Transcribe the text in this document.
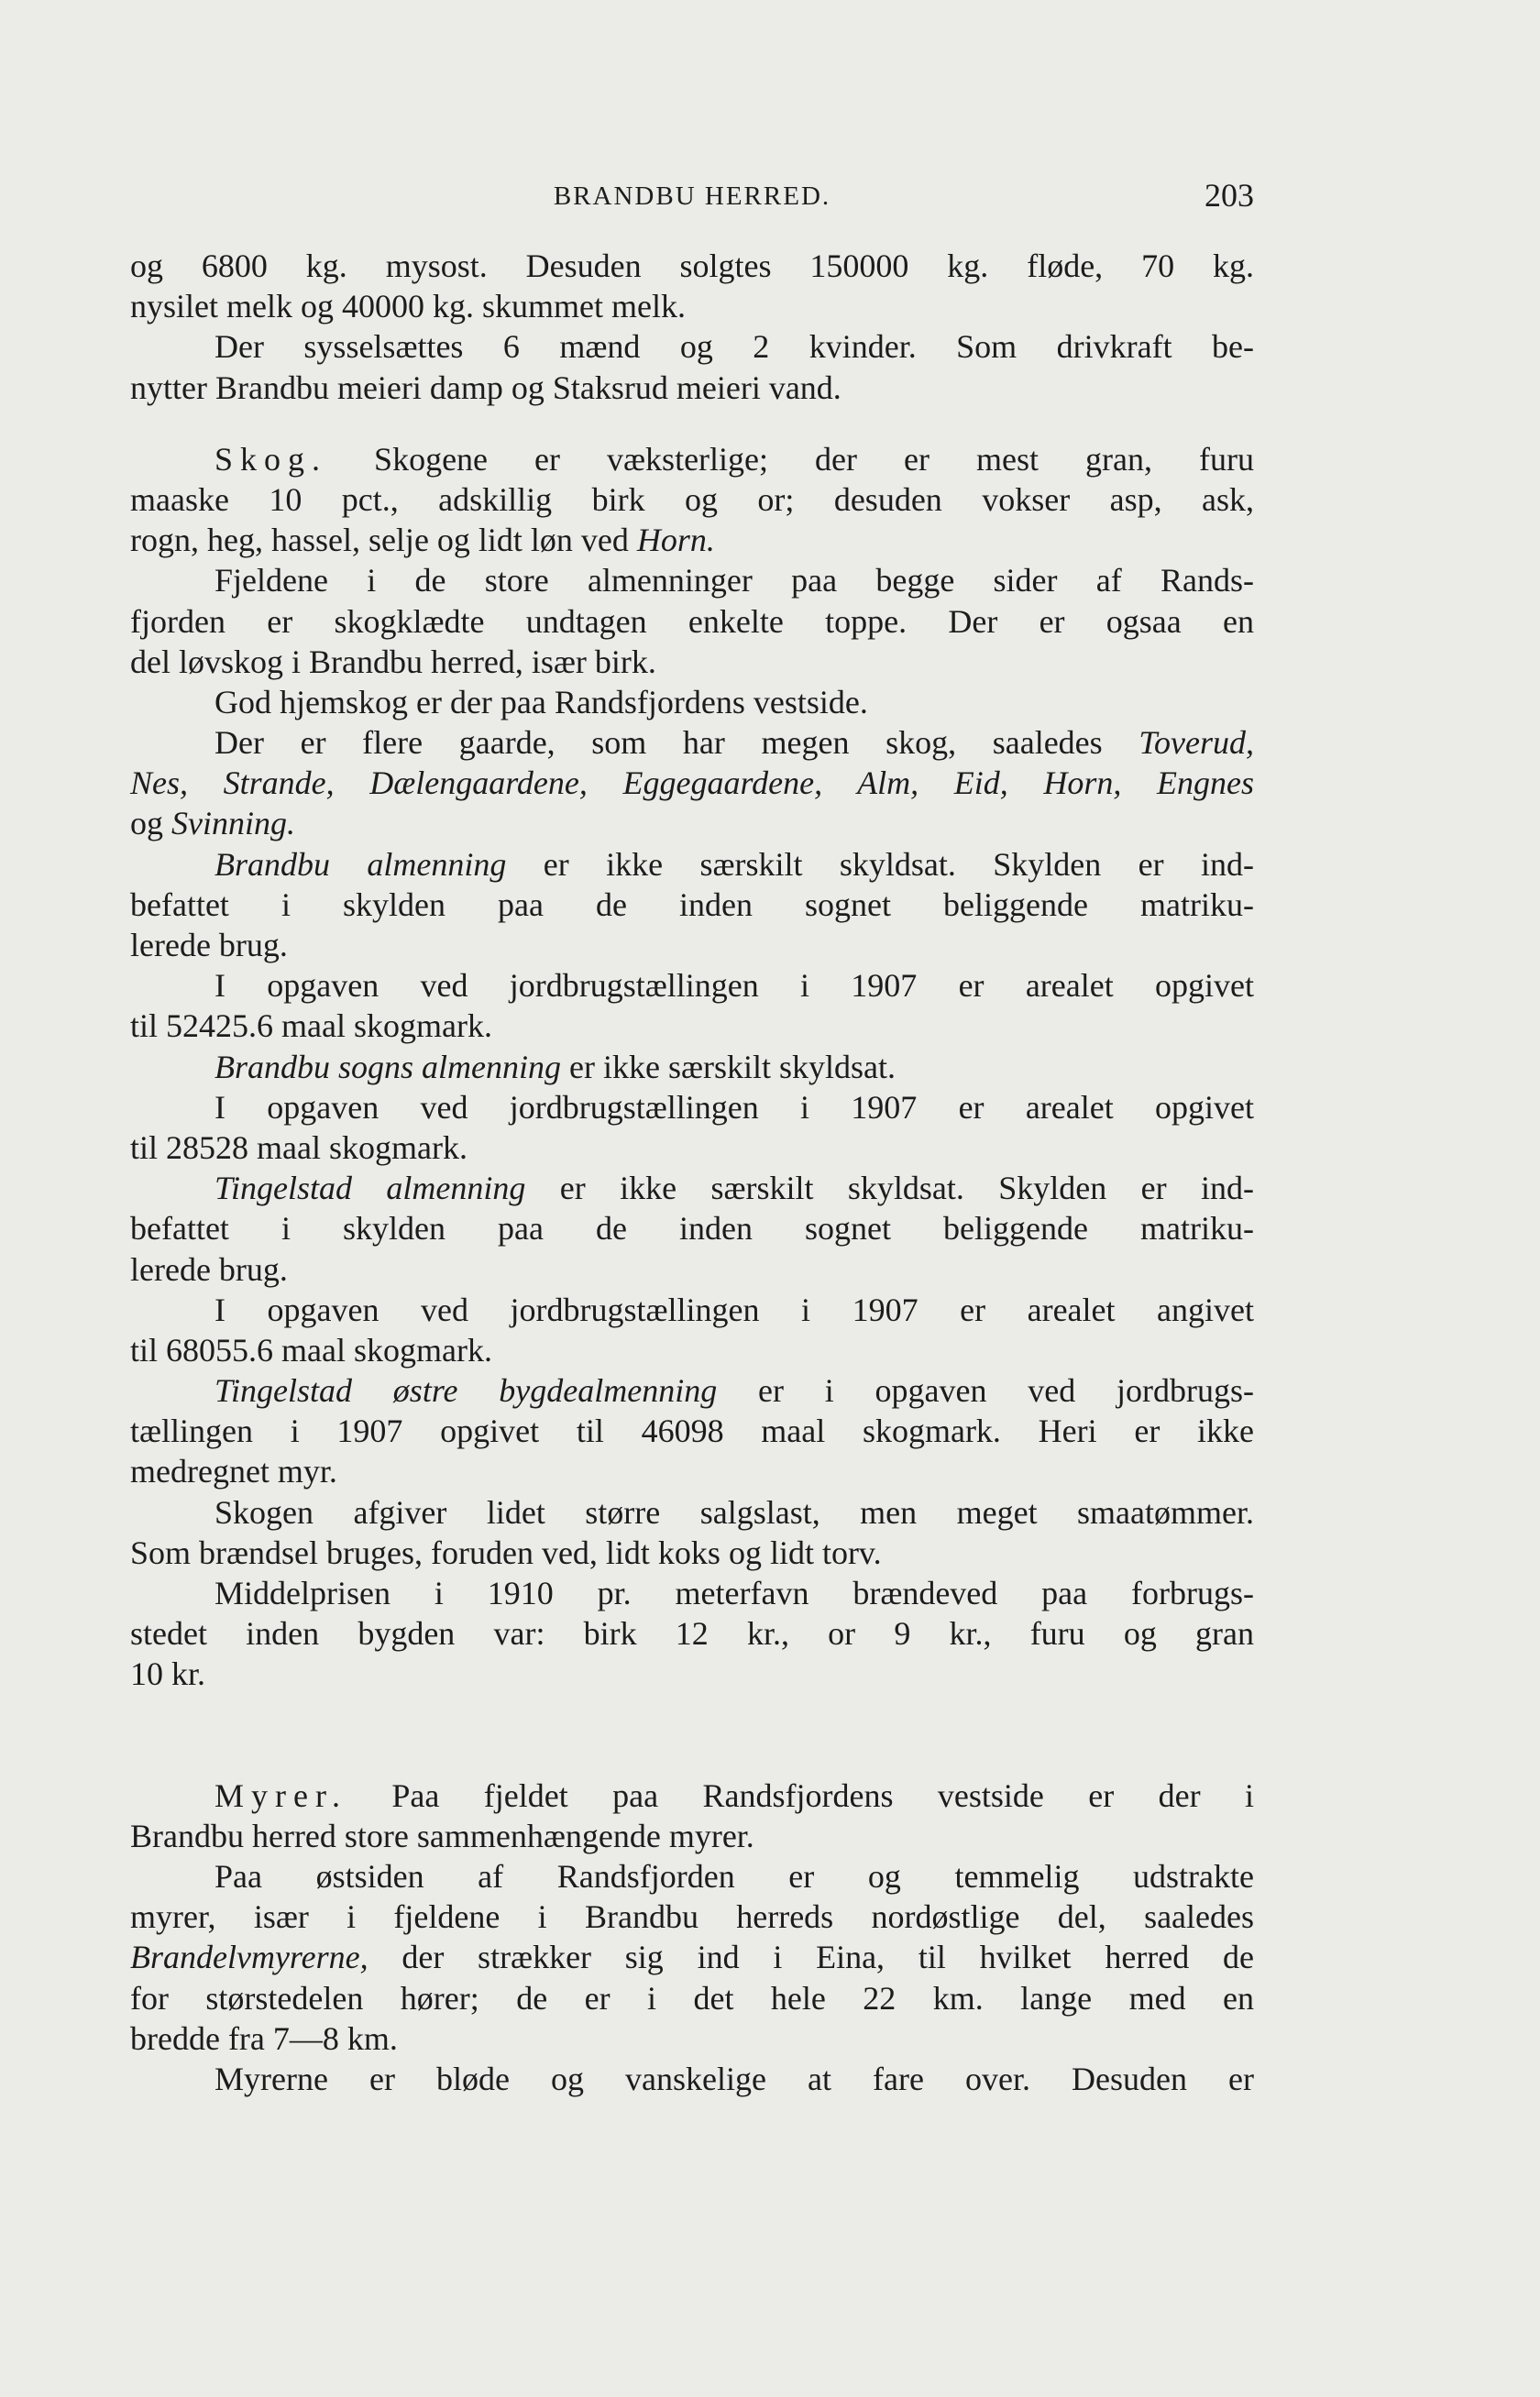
BRANDBU HERRED.	203
og 6800 kg. mysost. Desuden solgtes 150000 kg. fløde, 70 kg.
nysilet melk og 40000 kg. skummet melk.
Der sysselsættes 6 mænd og 2 kvinder. Som drivkraft be-
nytter Brandbu meieri damp og Staksrud meieri vand.
Skog. Skogene er væksterlige; der er mest gran, furu
maaske 10 pct., adskillig birk og or; desuden vokser asp, ask,
rogn, heg, hassel, selje og lidt løn ved Horn.
Fjeldene i de store almenninger paa begge sider af Rands-
fjorden er skogklædte undtagen enkelte toppe. Der er ogsaa en
del løvskog i Brandbu herred, især birk.
God hjemskog er der paa Randsfjordens vestside.
Der er flere gaarde, som har megen skog, saaledes Toverud,
Nes, Strande, Dælengaardene, Eggegaardene, Alm, Eid, Horn, Engnes
og Svinning.
Brandbu almenning er ikke særskilt skyldsat. Skylden er ind-
befattet i skylden paa de inden sognet beliggende matriku-
lerede brug.
I opgaven ved jordbrugstællingen i 1907 er arealet opgivet
til 52425.6 maal skogmark.
Brandbu sogns almenning er ikke særskilt skyldsat.
I opgaven ved jordbrugstællingen i 1907 er arealet opgivet
til 28528 maal skogmark.
Tingelstad almenning er ikke særskilt skyldsat. Skylden er ind-
befattet i skylden paa de inden sognet beliggende matriku-
lerede brug.
I opgaven ved jordbrugstællingen i 1907 er arealet angivet
til 68055.6 maal skogmark.
Tingelstad østre bygdealmenning er i opgaven ved jordbrugs-
tællingen i 1907 opgivet til 46098 maal skogmark. Heri er ikke
medregnet myr.
Skogen afgiver lidet større salgslast, men meget smaatømmer.
Som brændsel bruges, foruden ved, lidt koks og lidt torv.
Middelprisen i 1910 pr. meterfavn brændeved paa forbrugs-
stedet inden bygden var: birk 12 kr., or 9 kr., furu og gran
10 kr.
Myrer. Paa fjeldet paa Randsfjordens vestside er der i
Brandbu herred store sammenhængende myrer.
Paa østsiden af Randsfjorden er og temmelig udstrakte
myrer, især i fjeldene i Brandbu herreds nordøstlige del, saaledes
Brandelvmyrerne, der strækker sig ind i Eina, til hvilket herred de
for størstedelen hører; de er i det hele 22 km. lange med en
bredde fra 7—8 km.
Myrerne er bløde og vanskelige at fare over. Desuden er
